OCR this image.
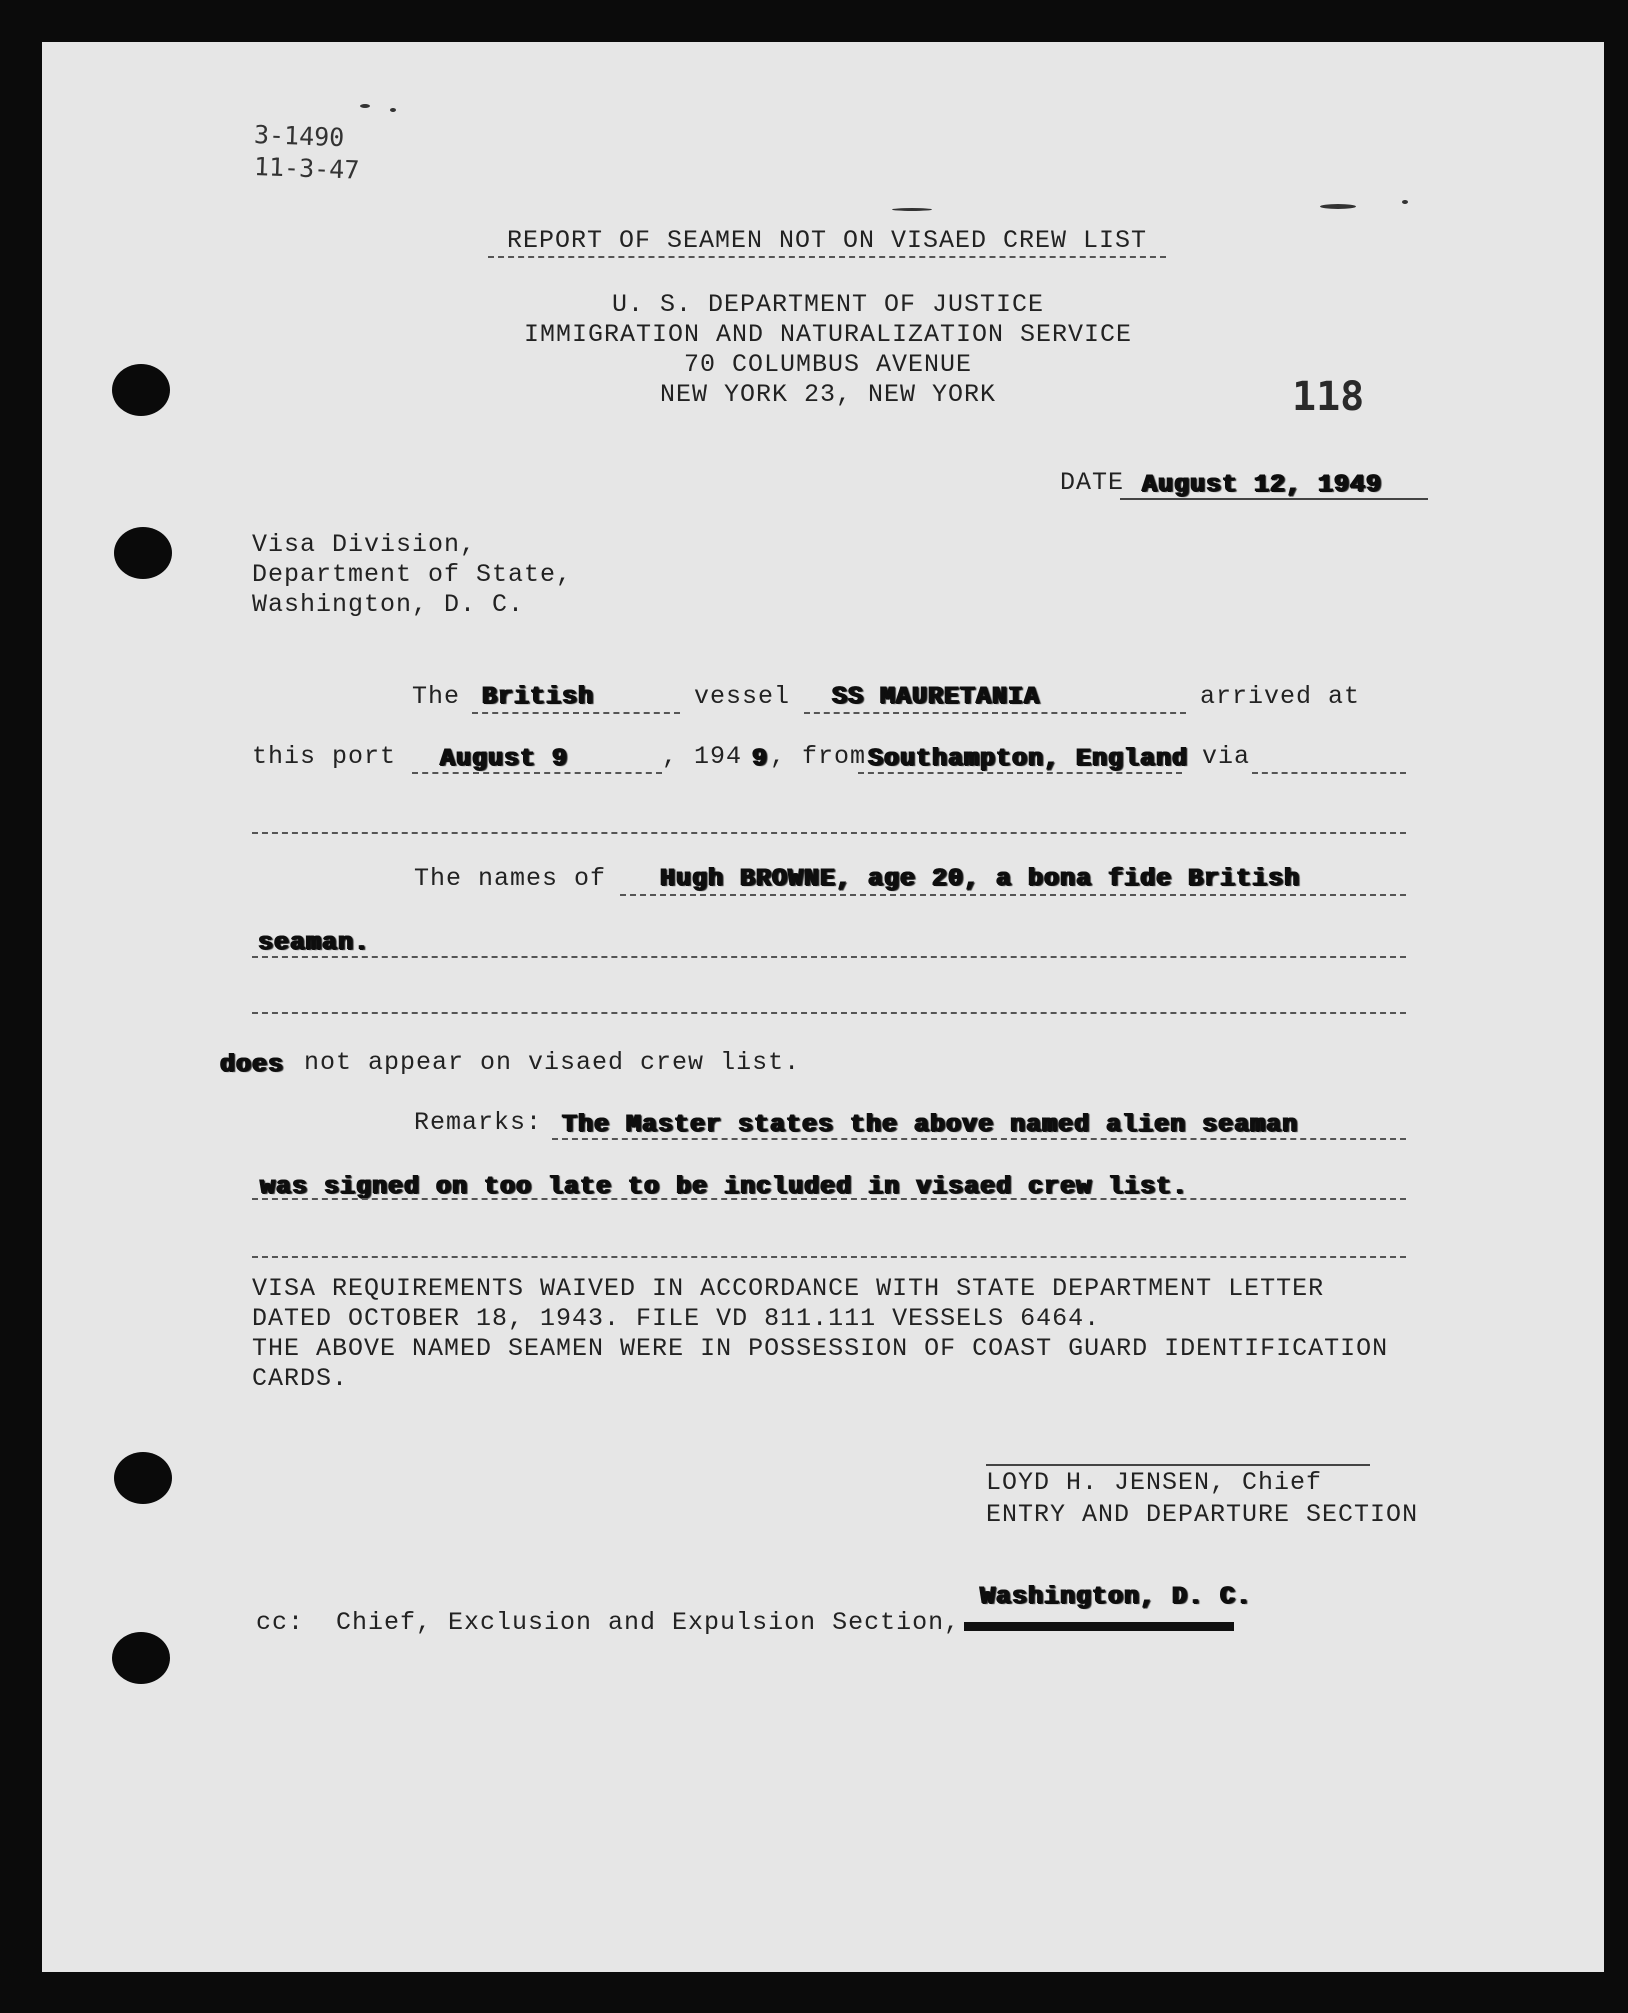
3-1490
11-3-47
REPORT OF SEAMEN NOT ON VISAED CREW LIST
U. S. DEPARTMENT OF JUSTICE
IMMIGRATION AND NATURALIZATION SERVICE
70 COLUMBUS AVENUE
NEW YORK 23, NEW YORK	118
DATE August 12, 1949
Visa Division,
Department of State,
Washington, D. C.
The British	vessel SS MAURETANIA	arrived at
this port August 9	, 194 9 , from Southampton, England via
The names of Hugh BROWNE, age 20, a bona fide British
seaman.
does not appear on visaed crew list.
Remarks: The Master states the above named alien seaman
was signed on too late to be included in visaed crew list.
VISA REQUIREMENTS WAIVED IN ACCORDANCE WITH STATE DEPARTMENT LETTER
DATED OCTOBER 18, 1943. FILE VD 811.111 VESSELS 6464.
THE ABOVE NAMED SEAMEN WERE IN POSSESSION OF COAST GUARD IDENTIFICATION
CARDS.
LOYD H. JENSEN, Chief
ENTRY AND DEPARTURE SECTION
cc: Chief, Exclusion and Expulsion Section,
Washington, D. C.
